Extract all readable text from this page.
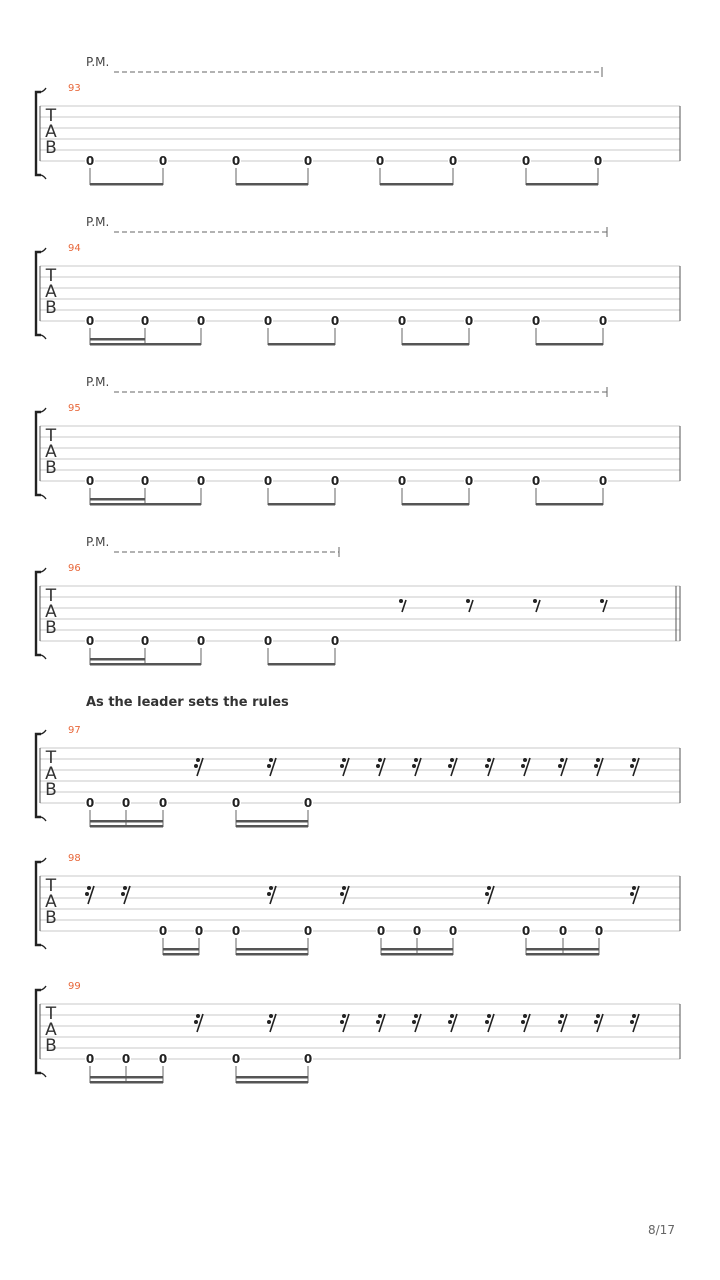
T
A
B
0	0	0	0	0	0	0	0
T
A
B
0	0	0	0	0	0	0	0	0
T
A
B
0	0	0	0	0	0	0	0	0
T
A
B
0	0	0	0	0
T
A
B
0 0 0	0	0
T
A
B
0 0 0	0	0 0 0	0 0 0
T
A
B
0 0 0	0	0
P.M.
93
P.M.
94
P.M.
95
P.M.
96
As the leader sets the rules
97
98
99
8/17
